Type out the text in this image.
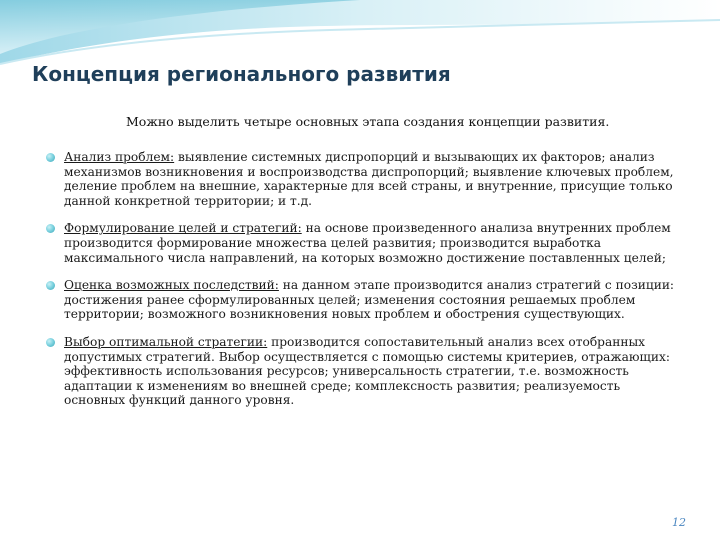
Концепция регионального развития
Можно выделить четыре основных этапа создания концепции развития.
Анализ проблем: выявление системных диспропорций и вызывающих их факторов; анализ механизмов возникновения и воспроизводства диспропорций; выявление ключевых проблем, деление проблем на внешние, характерные для всей страны, и внутренние, присущие только данной конкретной территории; и т.д.
Формулирование целей и стратегий: на основе произведенного анализа внутренних проблем производится формирование множества целей развития; производится выработка максимального числа направлений, на которых возможно достижение поставленных целей;
Оценка возможных последствий: на данном этапе производится анализ стратегий с позиции: достижения ранее сформулированных целей; изменения состояния решаемых проблем территории; возможного возникновения новых проблем и обострения существующих.
Выбор оптимальной стратегии: производится сопоставительный анализ всех отобранных допустимых стратегий. Выбор осуществляется с помощью системы критериев, отражающих: эффективность использования ресурсов; универсальность стратегии, т.е. возможность адаптации к изменениям во внешней среде; комплексность развития; реализуемость основных функций данного уровня.
12
